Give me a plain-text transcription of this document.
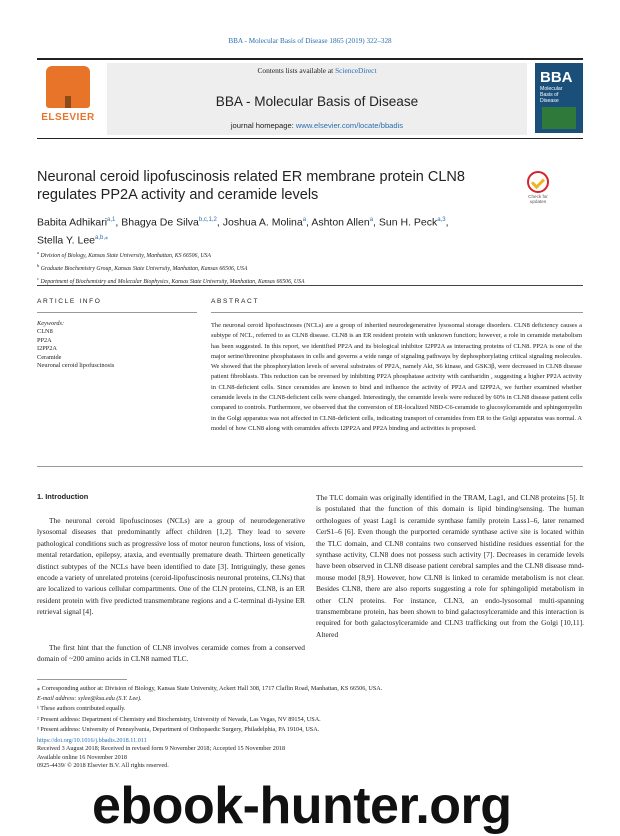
BBA - Molecular Basis of Disease 1865 (2019) 322–328
ELSEVIER
Contents lists available at ScienceDirect
BBA - Molecular Basis of Disease
journal homepage: www.elsevier.com/locate/bbadis
BBA
Molecular
Basis of
Disease
Neuronal ceroid lipofuscinosis related ER membrane protein CLN8 regulates PP2A activity and ceramide levels	Check for
updates
Babita Adhikari$^{a,1}$, Bhagya De Silva$^{b,c,1,2}$, Joshua A. Molina$^a$, Ashton Allen$^a$, Sun H. Peck$^{a,3}$,
Stella Y. Lee$^{a,b,⁎}$
$^a$ Division of Biology, Kansas State University, Manhattan, KS 66506, USA
$^b$ Graduate Biochemistry Group, Kansas State University, Manhattan, Kansas 66506, USA
$^c$ Department of Biochemistry and Molecular Biophysics, Kansas State University, Manhattan, Kansas 66506, USA
ARTICLE INFO
Keywords:
CLN8
PP2A
I2PP2A
Ceramide
Neuronal ceroid lipofuscinosis
ABSTRACT
The neuronal ceroid lipofuscinoses (NCLs) are a group of inherited neurodegenerative lysosomal storage disorders. CLN8 deficiency causes a subtype of NCL, referred to as CLN8 disease. CLN8 is an ER resident protein with unknown function; however, a role in ceramide metabolism has been suggested. In this report, we identified PP2A and its biological inhibitor I2PP2A as interacting proteins of CLN8. PP2A is one of the major serine/threonine phosphatases in cells and governs a wide range of signaling pathways by dephosphorylating critical signaling molecules. We showed that the phosphorylation levels of several substrates of PP2A, namely Akt, S6 kinase, and GSK3β, were decreased in CLN8 disease patient fibroblasts. This reduction can be reversed by inhibiting PP2A phosphatase activity with cantharidin , suggesting a higher PP2A activity in CLN8-deficient cells. Since ceramides are known to bind and influence the activity of PP2A and I2PP2A, we further examined whether ceramide levels in the CLN8-deficient cells were changed. Interestingly, the ceramide levels were reduced by 60% in CLN8 disease patient cells compared to controls. Furthermore, we observed that the conversion of ER-localized NBD-C6-ceramide to glucosylceramide and sphingomyelin in the Golgi apparatus was not affected in CLN8-deficient cells, indicating transport of ceramides from ER to the Golgi apparatus was normal. A model of how CLN8 along with ceramides affects I2PP2A and PP2A binding and activities is proposed.
1. Introduction
The neuronal ceroid lipofuscinoses (NCLs) are a group of neurodegenerative lysosomal diseases that predominantly affect children [1,2]. They lead to severe pathological conditions such as progressive loss of motor neuron functions, loss of vision, mental retardation, epilepsy, ataxia, and eventually premature death. Thirteen genetically distinct subtypes of the NCLs have been identified to date [3]. Intriguingly, these genes encode a variety of unrelated proteins (ceroid-lipofuscinosis neuronal proteins, CLNs) that are localized to various cellular compartments. One of the CLN proteins, CLN8, is an ER resident protein with five predicted transmembrane regions and a C-terminal di-lysine ER retrieval signal [4].
The first hint that the function of CLN8 involves ceramide comes from a conserved domain of ~200 amino acids in CLN8 named TLC.
The TLC domain was originally identified in the TRAM, Lag1, and CLN8 proteins [5]. It is postulated that the function of this domain is lipid binding/sensing. The human orthologues of yeast Lag1 is ceramide synthase family protein Lass1–6, later renamed CerS1–6 [6]. Even though the purported ceramide synthase active site is located within the TLC domain, and CLN8 contains two conserved histidine residues essential for the synthase activity, CLN8 does not possess such activity [7]. Decreases in ceramide levels have been observed in CLN8 disease patient cerebral samples and the CLN8 disease mnd-mouse model [8,9]. However, how CLN8 is linked to ceramide metabolism is not clear. Besides CLN8, there are also reports suggesting a role for sphingolipid metabolism in other CLN proteins. For instance, CLN3, an endo-lysosomal multi-spanning transmembrane protein, has been shown to bind galactosylceramide and this interaction is required for both galactosylceramide and CLN3 trafficking out from the Golgi [10,11]. Altered
⁎ Corresponding author at: Division of Biology, Kansas State University, Ackert Hall 308, 1717 Claflin Road, Manhattan, KS 66506, USA.
E-mail address: sylee@ksu.edu (S.Y. Lee).
¹ These authors contributed equally.
² Present address: Department of Chemistry and Biochemistry, University of Nevada, Las Vegas, NV 89154, USA.
³ Present address: University of Pennsylvania, Department of Orthopaedic Surgery, Philadelphia, PA 19104, USA.
https://doi.org/10.1016/j.bbadis.2018.11.011
Received 3 August 2018; Received in revised form 9 November 2018; Accepted 15 November 2018
Available online 16 November 2018
0925-4439/ © 2018 Elsevier B.V. All rights reserved.
ebook-hunter.org
